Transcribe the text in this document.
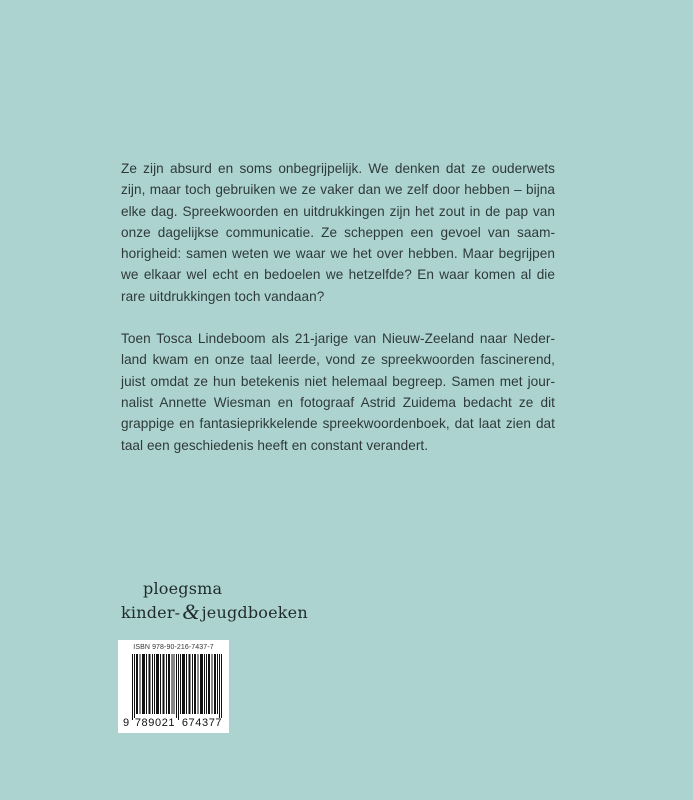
Ze zijn absurd en soms onbegrijpelijk. We denken dat ze ouderwets zijn, maar toch gebruiken we ze vaker dan we zelf door hebben – bijna elke dag. Spreekwoorden en uitdrukkingen zijn het zout in de pap van onze dagelijkse communicatie. Ze scheppen een gevoel van saamhorigheid: samen weten we waar we het over hebben. Maar begrijpen we elkaar wel echt en bedoelen we hetzelfde? En waar komen al die rare uitdrukkingen toch vandaan?

Toen Tosca Lindeboom als 21-jarige van Nieuw-Zeeland naar Nederland kwam en onze taal leerde, vond ze spreekwoorden fascinerend, juist omdat ze hun betekenis niet helemaal begreep. Samen met journalist Annette Wiesman en fotograaf Astrid Zuidema bedacht ze dit grappige en fantasieprikkelende spreekwoordenboek, dat laat zien dat taal een geschiedenis heeft en constant verandert.

ploegsma
kinder-& jeugdboeken
ISBN 978-90-216-7437-7
9 789021 674377
